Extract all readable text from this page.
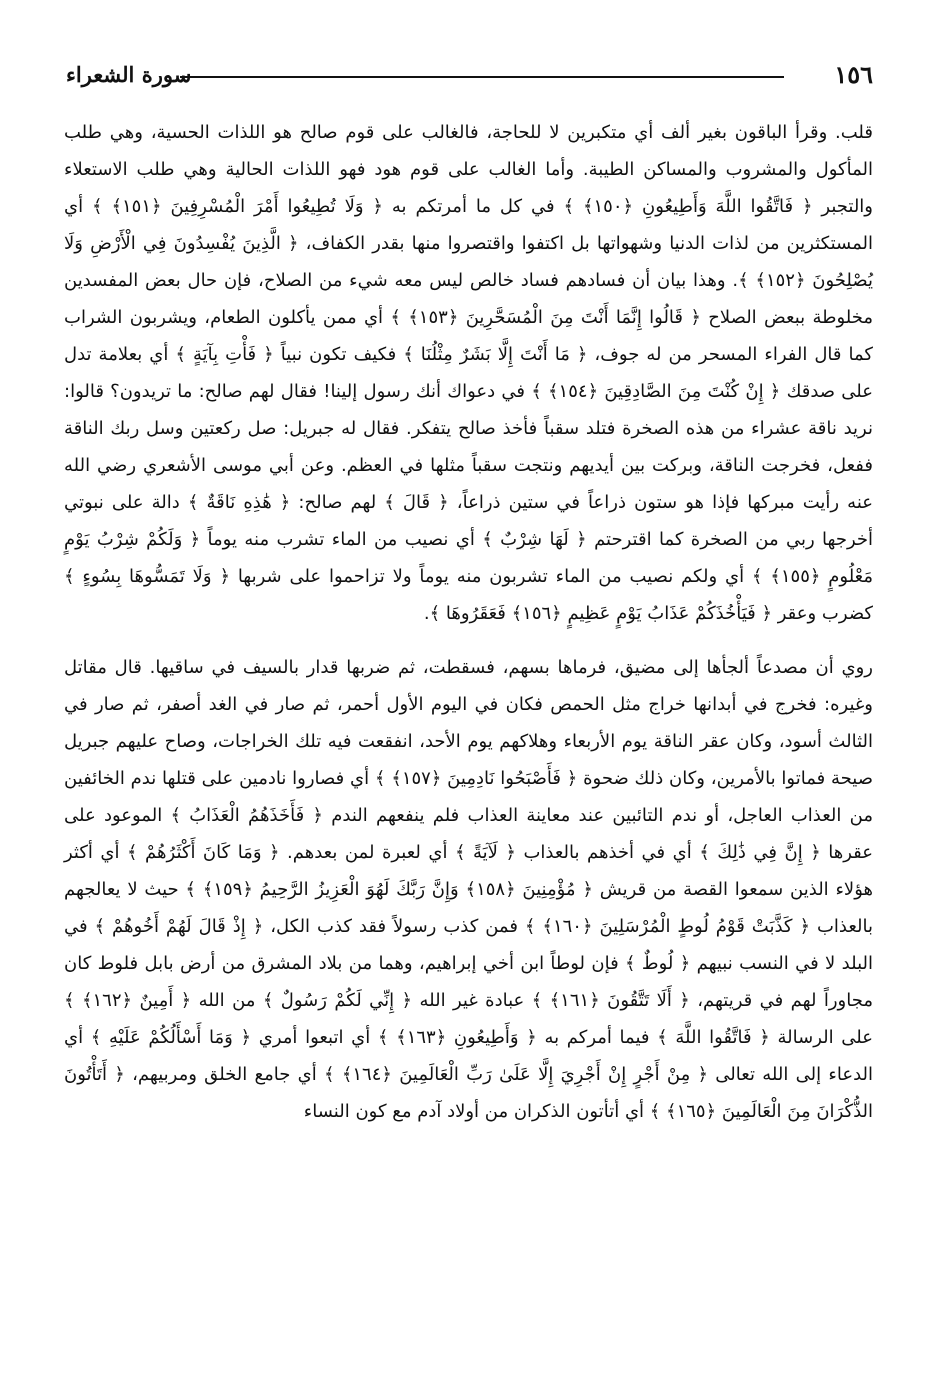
١٥٦
سورة الشعراء

قلب. وقرأ الباقون بغير ألف أي متكبرين لا للحاجة، فالغالب على قوم صالح هو اللذات الحسية، وهي طلب المأكول والمشروب والمساكن الطيبة. وأما الغالب على قوم هود فهو اللذات الحالية وهي طلب الاستعلاء والتجبر ﴿ فَاتَّقُوا اللَّهَ وَأَطِيعُونِ ﴿١٥٠﴾ ﴾ في كل ما أمرتكم به ﴿ وَلَا تُطِيعُوا أَمْرَ الْمُسْرِفِينَ ﴿١٥١﴾ ﴾ أي المستكثرين من لذات الدنيا وشهواتها بل اكتفوا واقتصروا منها بقدر الكفاف، ﴿ الَّذِينَ يُفْسِدُونَ فِي الْأَرْضِ وَلَا يُصْلِحُونَ ﴿١٥٢﴾ ﴾. وهذا بيان أن فسادهم فساد خالص ليس معه شيء من الصلاح، فإن حال بعض المفسدين مخلوطة ببعض الصلاح ﴿ قَالُوا إِنَّمَا أَنْتَ مِنَ الْمُسَحَّرِينَ ﴿١٥٣﴾ ﴾ أي ممن يأكلون الطعام، ويشربون الشراب كما قال الفراء المسحر من له جوف، ﴿ مَا أَنْتَ إِلَّا بَشَرٌ مِثْلُنَا ﴾ فكيف تكون نبياً ﴿ فَأْتِ بِآيَةٍ ﴾ أي بعلامة تدل على صدقك ﴿ إِنْ كُنْتَ مِنَ الصَّادِقِينَ ﴿١٥٤﴾ ﴾ في دعواك أنك رسول إلينا! فقال لهم صالح: ما تريدون؟ قالوا: نريد ناقة عشراء من هذه الصخرة فتلد سقباً فأخذ صالح يتفكر. فقال له جبريل: صل ركعتين وسل ربك الناقة ففعل، فخرجت الناقة، وبركت بين أيديهم ونتجت سقباً مثلها في العظم. وعن أبي موسى الأشعري رضي الله عنه رأيت مبركها فإذا هو ستون ذراعاً في ستين ذراعاً، ﴿ قَالَ ﴾ لهم صالح: ﴿ هَٰذِهِ نَاقَةٌ ﴾ دالة على نبوتي أخرجها ربي من الصخرة كما اقترحتم ﴿ لَهَا شِرْبٌ ﴾ أي نصيب من الماء تشرب منه يوماً ﴿ وَلَكُمْ شِرْبُ يَوْمٍ مَعْلُومٍ ﴿١٥٥﴾ ﴾ أي ولكم نصيب من الماء تشربون منه يوماً ولا تزاحموا على شربها ﴿ وَلَا تَمَسُّوهَا بِسُوءٍ ﴾ كضرب وعقر ﴿ فَيَأْخُذَكُمْ عَذَابُ يَوْمٍ عَظِيمٍ ﴿١٥٦﴾ فَعَقَرُوهَا ﴾.

روي أن مصدعاً ألجأها إلى مضيق، فرماها بسهم، فسقطت، ثم ضربها قدار بالسيف في ساقيها. قال مقاتل وغيره: فخرج في أبدانها خراج مثل الحمص فكان في اليوم الأول أحمر، ثم صار في الغد أصفر، ثم صار في الثالث أسود، وكان عقر الناقة يوم الأربعاء وهلاكهم يوم الأحد، انفقعت فيه تلك الخراجات، وصاح عليهم جبريل صيحة فماتوا بالأمرين، وكان ذلك ضحوة ﴿ فَأَصْبَحُوا نَادِمِينَ ﴿١٥٧﴾ ﴾ أي فصاروا نادمين على قتلها ندم الخائفين من العذاب العاجل، أو ندم التائبين عند معاينة العذاب فلم ينفعهم الندم ﴿ فَأَخَذَهُمُ الْعَذَابُ ﴾ الموعود على عقرها ﴿ إِنَّ فِي ذَٰلِكَ ﴾ أي في أخذهم بالعذاب ﴿ لَآيَةً ﴾ أي لعبرة لمن بعدهم. ﴿ وَمَا كَانَ أَكْثَرُهُمْ ﴾ أي أكثر هؤلاء الذين سمعوا القصة من قريش ﴿ مُؤْمِنِينَ ﴿١٥٨﴾ وَإِنَّ رَبَّكَ لَهُوَ الْعَزِيزُ الرَّحِيمُ ﴿١٥٩﴾ ﴾ حيث لا يعالجهم بالعذاب ﴿ كَذَّبَتْ قَوْمُ لُوطٍ الْمُرْسَلِينَ ﴿١٦٠﴾ ﴾ فمن كذب رسولاً فقد كذب الكل، ﴿ إِذْ قَالَ لَهُمْ أَخُوهُمْ ﴾ في البلد لا في النسب نبيهم ﴿ لُوطٌ ﴾ فإن لوطاً ابن أخي إبراهيم، وهما من بلاد المشرق من أرض بابل فلوط كان مجاوراً لهم في قريتهم، ﴿ أَلَا تَتَّقُونَ ﴿١٦١﴾ ﴾ عبادة غير الله ﴿ إِنِّي لَكُمْ رَسُولٌ ﴾ من الله ﴿ أَمِينٌ ﴿١٦٢﴾ ﴾ على الرسالة ﴿ فَاتَّقُوا اللَّهَ ﴾ فيما أمركم به ﴿ وَأَطِيعُونِ ﴿١٦٣﴾ ﴾ أي اتبعوا أمري ﴿ وَمَا أَسْأَلُكُمْ عَلَيْهِ ﴾ أي الدعاء إلى الله تعالى ﴿ مِنْ أَجْرٍ إِنْ أَجْرِيَ إِلَّا عَلَىٰ رَبِّ الْعَالَمِينَ ﴿١٦٤﴾ ﴾ أي جامع الخلق ومربيهم، ﴿ أَتَأْتُونَ الذُّكْرَانَ مِنَ الْعَالَمِينَ ﴿١٦٥﴾ ﴾ أي أتأتون الذكران من أولاد آدم مع كون النساء
